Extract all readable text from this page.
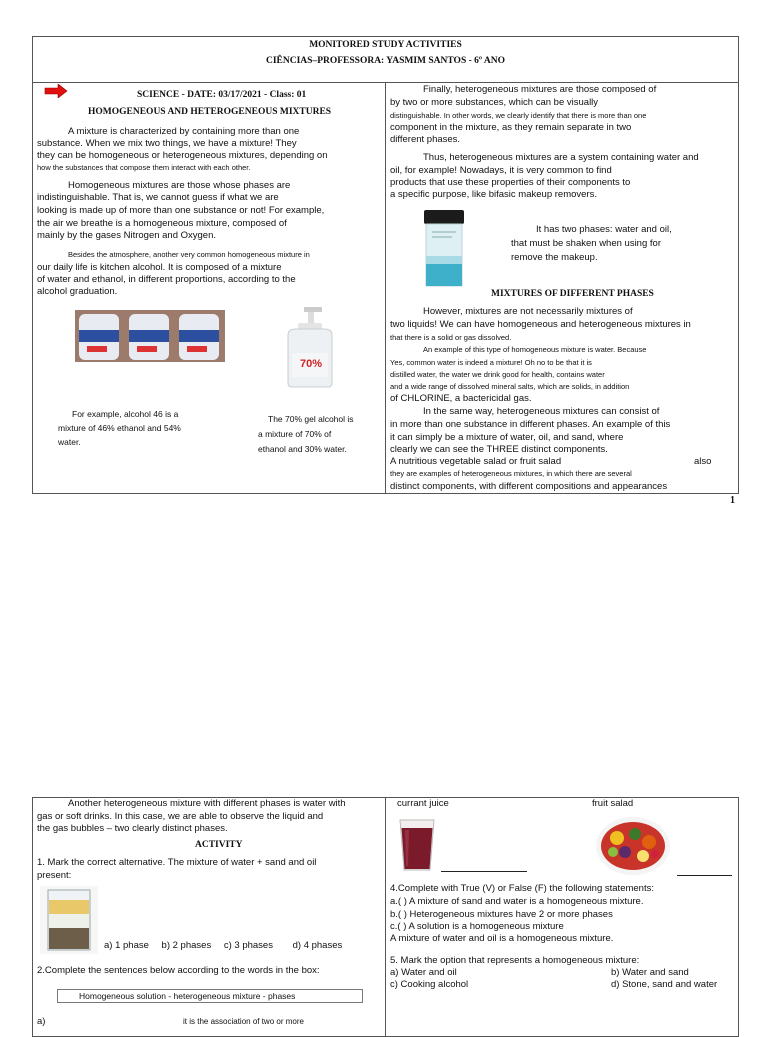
MONITORED STUDY ACTIVITIES
CIÊNCIAS–PROFESSORA: YASMIM SANTOS - 6º ANO
SCIENCE - DATE: 03/17/2021 - Class: 01
HOMOGENEOUS AND HETEROGENEOUS MIXTURES
A mixture is characterized by containing more than one
substance. When we mix two things, we have a mixture! They
they can be homogeneous or heterogeneous mixtures, depending on
how the substances that compose them interact with each other.
Homogeneous mixtures are those whose phases are
indistinguishable. That is, we cannot guess if what we are
looking is made up of more than one substance or not! For example,
the air we breathe is a homogeneous mixture, composed of
mainly by the gases Nitrogen and Oxygen.
Besides the atmosphere, another very common homogeneous mixture in
our daily life is kitchen alcohol. It is composed of a mixture
of water and ethanol, in different proportions, according to the
alcohol graduation.
70%
For example, alcohol 46 is a
mixture of 46% ethanol and 54%
water.
The 70% gel alcohol is
a mixture of 70% of
ethanol and 30% water.
Finally, heterogeneous mixtures are those composed of
by two or more substances, which can be visually
distinguishable. In other words, we clearly identify that there is more than one
component in the mixture, as they remain separate in two
different phases.
Thus, heterogeneous mixtures are a system containing water and
oil, for example! Nowadays, it is very common to find
products that use these properties of their components to
a specific purpose, like bifasic makeup removers.
It has two phases: water and oil,
that must be shaken when using for
remove the makeup.
MIXTURES OF DIFFERENT PHASES
However, mixtures are not necessarily mixtures of
two liquids! We can have homogeneous and heterogeneous mixtures in
that there is a solid or gas dissolved.
An example of this type of homogeneous mixture is water. Because
Yes, common water is indeed a mixture! Oh no to be that it is
distilled water, the water we drink good for health, contains water
and a wide range of dissolved mineral salts, which are solids, in addition
of CHLORINE, a bactericidal gas.
In the same way, heterogeneous mixtures can consist of
in more than one substance in different phases. An example of this
it can simply be a mixture of water, oil, and sand, where
clearly we can see the THREE distinct components.
A nutritious vegetable salad or fruit salad	also
they are examples of heterogeneous mixtures, in which there are several
distinct components, with different compositions and appearances
1
Another heterogeneous mixture with different phases is water with
gas or soft drinks. In this case, we are able to observe the liquid and
the gas bubbles – two clearly distinct phases.
ACTIVITY
1. Mark the correct alternative. The mixture of water + sand and oil
present:
a) 1 phase b) 2 phases c) 3 phases d) 4 phases
2.Complete the sentences below according to the words in the box:
Homogeneous solution - heterogeneous mixture - phases
a)	it is the association of two or more
currant juice	fruit salad
4.Complete with True (V) or False (F) the following statements:
a.( ) A mixture of sand and water is a homogeneous mixture.
b.( ) Heterogeneous mixtures have 2 or more phases
c.( ) A solution is a homogeneous mixture
A mixture of water and oil is a homogeneous mixture.
5. Mark the option that represents a homogeneous mixture:
a) Water and oil	b) Water and sand
c) Cooking alcohol	d) Stone, sand and water
